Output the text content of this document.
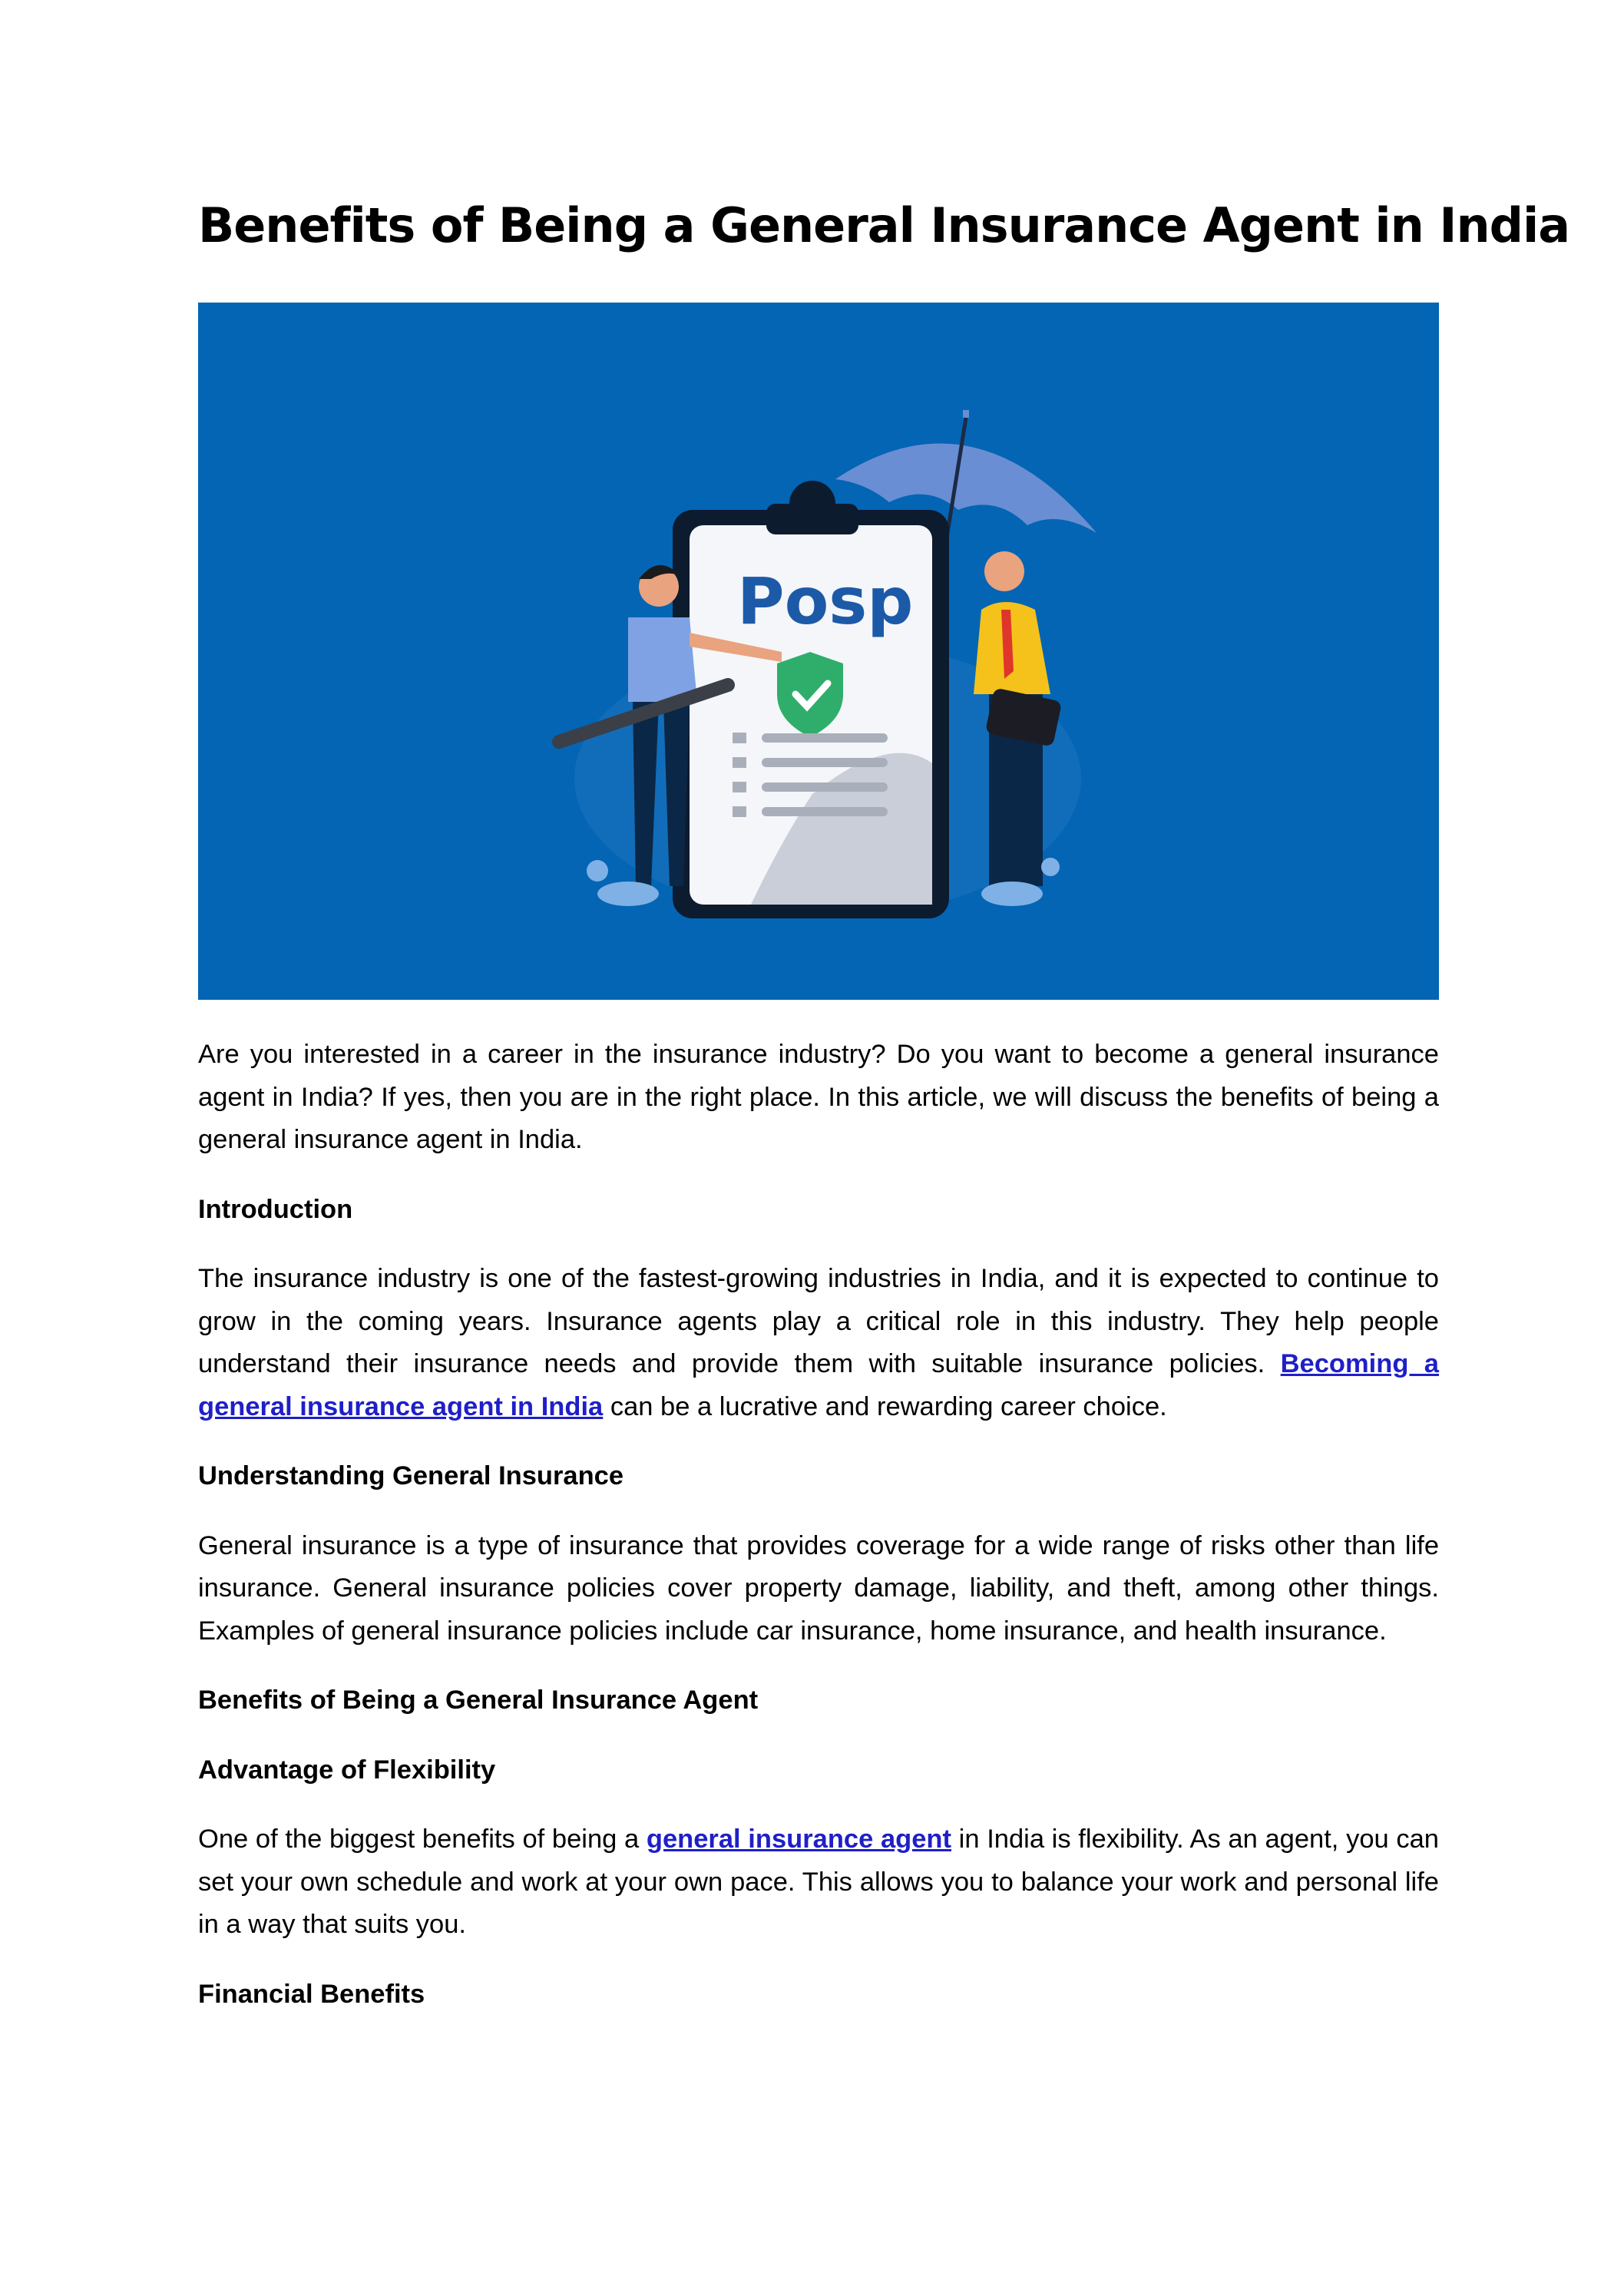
Benefits of Being a General Insurance Agent in India
Posp

Are you interested in a career in the insurance industry? Do you want to become a general insurance agent in India? If yes, then you are in the right place. In this article, we will discuss the benefits of being a general insurance agent in India.

Introduction

The insurance industry is one of the fastest-growing industries in India, and it is expected to continue to grow in the coming years. Insurance agents play a critical role in this industry. They help people understand their insurance needs and provide them with suitable insurance policies. Becoming a general insurance agent in India can be a lucrative and rewarding career choice.

Understanding General Insurance

General insurance is a type of insurance that provides coverage for a wide range of risks other than life insurance. General insurance policies cover property damage, liability, and theft, among other things. Examples of general insurance policies include car insurance, home insurance, and health insurance.

Benefits of Being a General Insurance Agent

Advantage of Flexibility

One of the biggest benefits of being a general insurance agent in India is flexibility. As an agent, you can set your own schedule and work at your own pace. This allows you to balance your work and personal life in a way that suits you.

Financial Benefits
